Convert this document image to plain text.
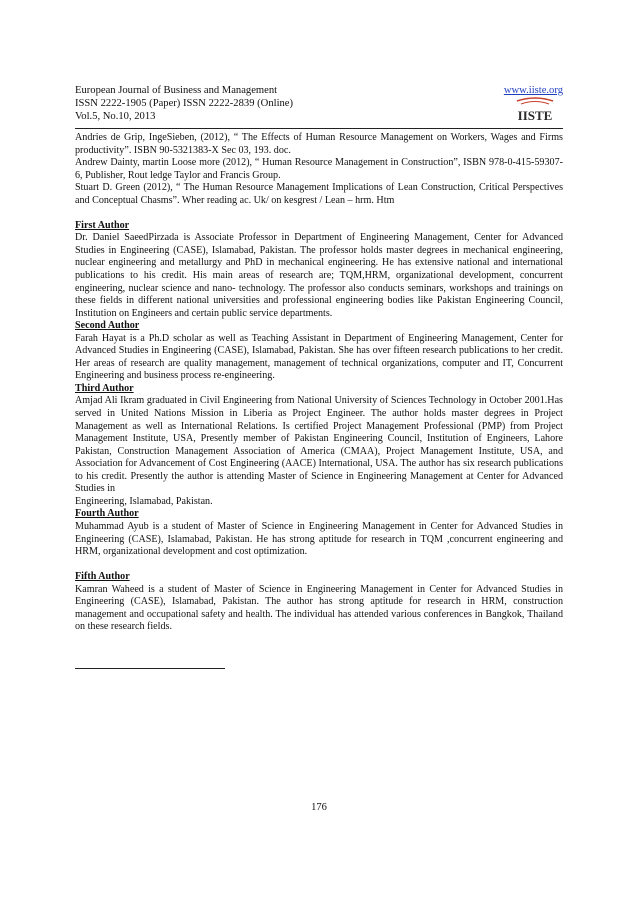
European Journal of Business and Management
ISSN 2222-1905 (Paper) ISSN 2222-2839 (Online)
Vol.5, No.10, 2013
www.iiste.org
IISTE

Andries de Grip, IngeSieben, (2012), “ The Effects of Human Resource Management on Workers, Wages and Firms productivity”. ISBN 90-5321383-X Sec 03, 193. doc.

Andrew Dainty, martin Loose more (2012), “ Human Resource Management in Construction”, ISBN 978-0-415-59307-6, Publisher, Rout ledge Taylor and Francis Group.

Stuart D. Green (2012), “ The Human Resource Management Implications of Lean Construction, Critical Perspectives and Conceptual Chasms”. Wher reading ac. Uk/ on kesgrest / Lean – hrm. Htm

First Author

Dr. Daniel SaeedPirzada is Associate Professor in Department of Engineering Management, Center for Advanced Studies in Engineering (CASE), Islamabad, Pakistan. The professor holds master degrees in mechanical engineering, nuclear engineering and metallurgy and PhD in mechanical engineering. He has extensive national and international publications to his credit. His main areas of research are; TQM,HRM, organizational development, concurrent engineering, nuclear science and nano- technology. The professor also conducts seminars, workshops and trainings on these fields in different national universities and professional engineering bodies like Pakistan Engineering Council, Institution on Engineers and certain public service departments.

Second Author

Farah Hayat is a Ph.D scholar as well as Teaching Assistant in Department of Engineering Management, Center for Advanced Studies in Engineering (CASE), Islamabad, Pakistan. She has over fifteen research publications to her credit. Her areas of research are quality management, management of technical organizations, computer and IT, Concurrent Engineering and business process re-engineering.

Third Author

Amjad Ali Ikram graduated in Civil Engineering from National University of Sciences Technology in October 2001.Has served in United Nations Mission in Liberia as Project Engineer. The author holds master degrees in Project Management as well as International Relations. Is certified Project Management Professional (PMP) from Project Management Institute, USA, Presently member of Pakistan Engineering Council, Institution of Engineers, Lahore Pakistan, Construction Management Association of America (CMAA), Project Management Institute, USA, and Association for Advancement of Cost Engineering (AACE) International, USA. The author has six research publications to his credit. Presently the author is attending Master of Science in Engineering Management at Center for Advanced Studies in

Engineering, Islamabad, Pakistan.

Fourth Author

Muhammad Ayub is a student of Master of Science in Engineering Management in Center for Advanced Studies in Engineering (CASE), Islamabad, Pakistan. He has strong aptitude for research in TQM ,concurrent engineering and HRM, organizational development and cost optimization.

Fifth Author

Kamran Waheed is a student of Master of Science in Engineering Management in Center for Advanced Studies in Engineering (CASE), Islamabad, Pakistan. The author has strong aptitude for research in HRM, construction management and occupational safety and health. The individual has attended various conferences in Bangkok, Thailand on these research fields.

176
